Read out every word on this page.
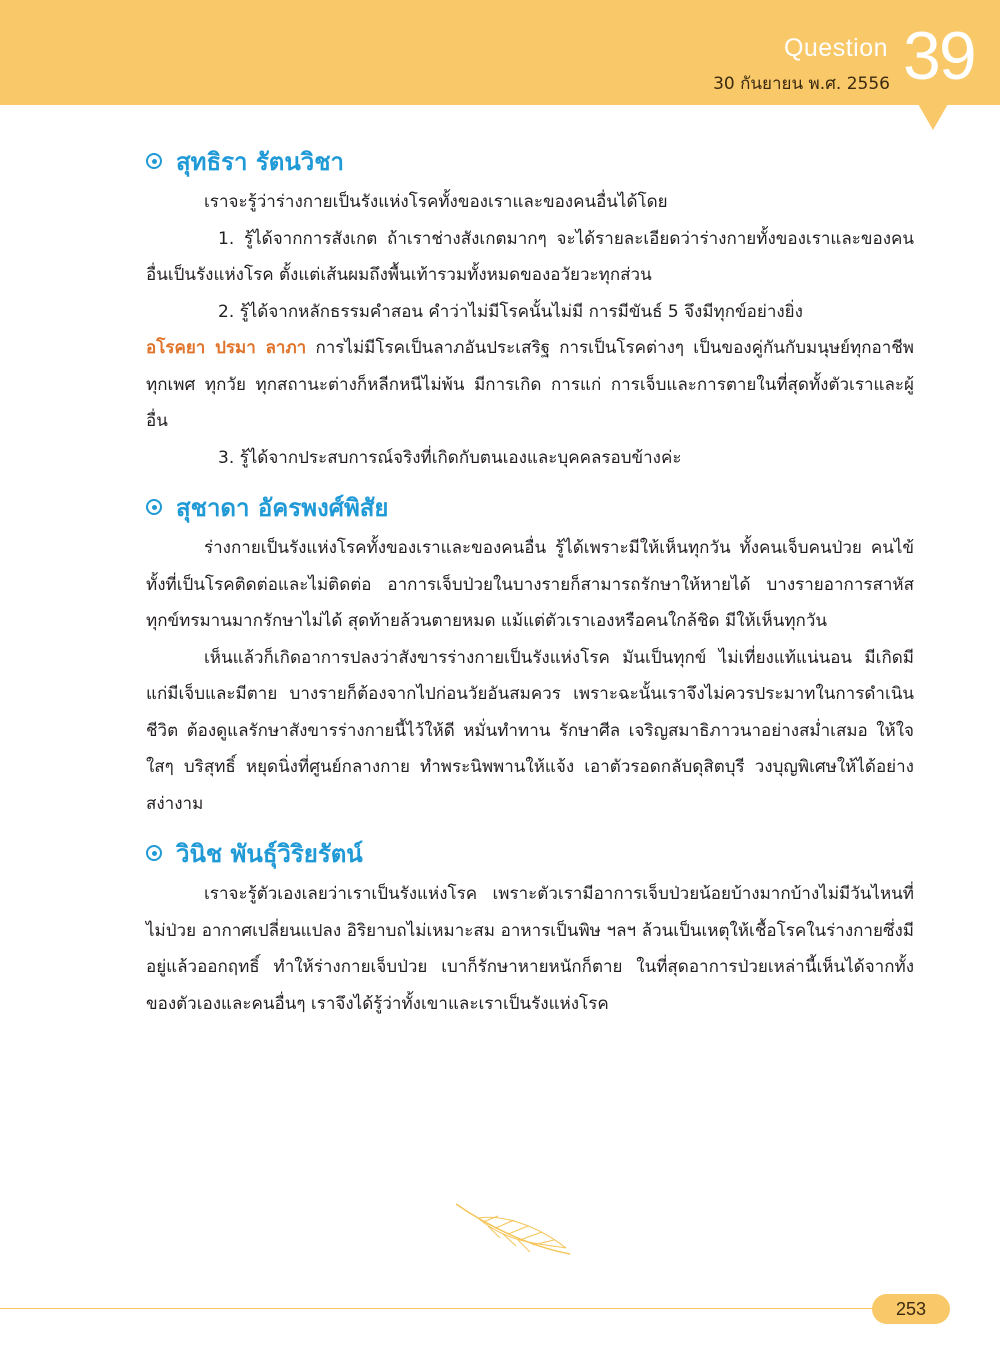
Question
30 กันยายน พ.ศ. 2556 39
สุทธิรา รัตนวิชา

เราจะรู้ว่าร่างกายเป็นรังแห่งโรคทั้งของเราและของคนอื่นได้โดย

1. รู้ได้จากการสังเกต ถ้าเราช่างสังเกตมากๆ จะได้รายละเอียดว่าร่างกายทั้งของเราและของคนอื่นเป็นรังแห่งโรค ตั้งแต่เส้นผมถึงพื้นเท้ารวมทั้งหมดของอวัยวะทุกส่วน

2. รู้ได้จากหลักธรรมคำสอน คำว่าไม่มีโรคนั้นไม่มี การมีขันธ์ 5 จึงมีทุกข์อย่างยิ่ง

อโรคยา ปรมา ลาภา การไม่มีโรคเป็นลาภอันประเสริฐ การเป็นโรคต่างๆ เป็นของคู่กันกับมนุษย์ทุกอาชีพ ทุกเพศ ทุกวัย ทุกสถานะต่างก็หลีกหนีไม่พ้น มีการเกิด การแก่ การเจ็บและการตายในที่สุดทั้งตัวเราและผู้อื่น

3. รู้ได้จากประสบการณ์จริงที่เกิดกับตนเองและบุคคลรอบข้างค่ะ

สุชาดา อัครพงศ์พิสัย

ร่างกายเป็นรังแห่งโรคทั้งของเราและของคนอื่น รู้ได้เพราะมีให้เห็นทุกวัน ทั้งคนเจ็บคนป่วย คนไข้ ทั้งที่เป็นโรคติดต่อและไม่ติดต่อ อาการเจ็บป่วยในบางรายก็สามารถรักษาให้หายได้ บางรายอาการสาหัสทุกข์ทรมานมากรักษาไม่ได้ สุดท้ายล้วนตายหมด แม้แต่ตัวเราเองหรือคนใกล้ชิด มีให้เห็นทุกวัน

เห็นแล้วก็เกิดอาการปลงว่าสังขารร่างกายเป็นรังแห่งโรค มันเป็นทุกข์ ไม่เที่ยงแท้แน่นอน มีเกิดมีแก่มีเจ็บและมีตาย บางรายก็ต้องจากไปก่อนวัยอันสมควร เพราะฉะนั้นเราจึงไม่ควรประมาทในการดำเนินชีวิต ต้องดูแลรักษาสังขารร่างกายนี้ไว้ให้ดี หมั่นทำทาน รักษาศีล เจริญสมาธิภาวนาอย่างสม่ำเสมอ ให้ใจใสๆ บริสุทธิ์ หยุดนิ่งที่ศูนย์กลางกาย ทำพระนิพพานให้แจ้ง เอาตัวรอดกลับดุสิตบุรี วงบุญพิเศษให้ได้อย่างสง่างาม

วินิช พันธุ์วิริยรัตน์

เราจะรู้ตัวเองเลยว่าเราเป็นรังแห่งโรค เพราะตัวเรามีอาการเจ็บป่วยน้อยบ้างมากบ้างไม่มีวันไหนที่ไม่ป่วย อากาศเปลี่ยนแปลง อิริยาบถไม่เหมาะสม อาหารเป็นพิษ ฯลฯ ล้วนเป็นเหตุให้เชื้อโรคในร่างกายซึ่งมีอยู่แล้วออกฤทธิ์ ทำให้ร่างกายเจ็บป่วย เบาก็รักษาหายหนักก็ตาย ในที่สุดอาการป่วยเหล่านี้เห็นได้จากทั้งของตัวเองและคนอื่นๆ เราจึงได้รู้ว่าทั้งเขาและเราเป็นรังแห่งโรค

253
